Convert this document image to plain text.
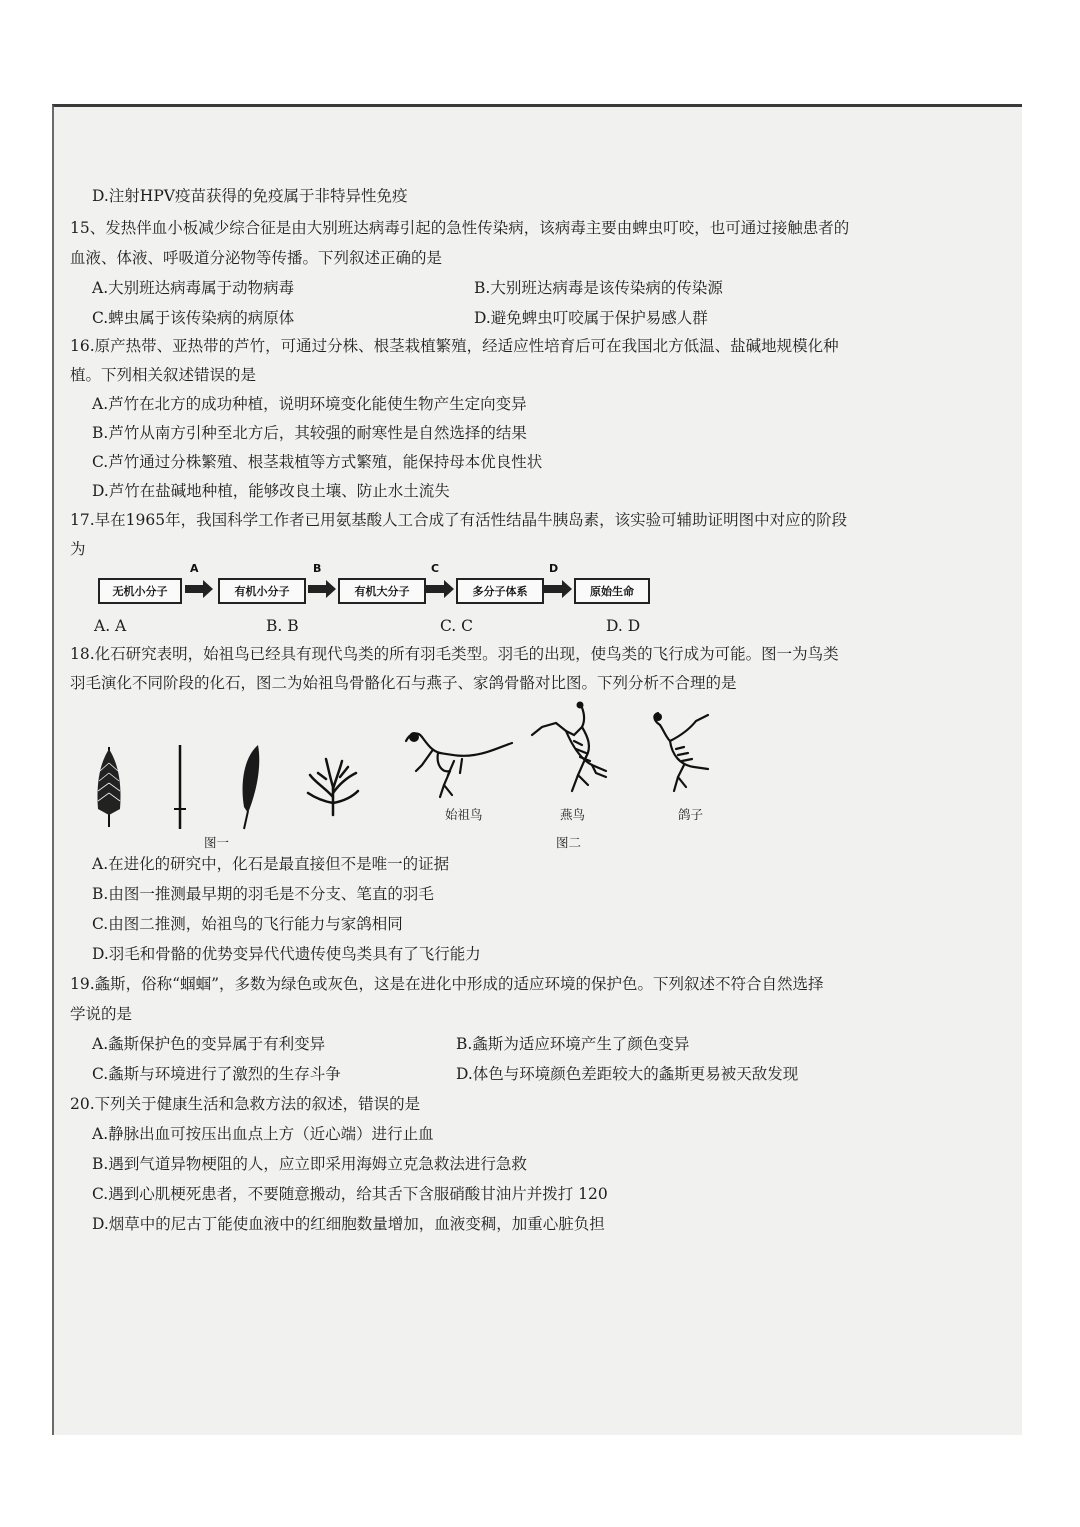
D.注射HPV疫苗获得的免疫属于非特异性免疫
15、发热伴血小板减少综合征是由大别班达病毒引起的急性传染病，该病毒主要由蜱虫叮咬，也可通过接触患者的
血液、体液、呼吸道分泌物等传播。下列叙述正确的是
A.大别班达病毒属于动物病毒	B.大别班达病毒是该传染病的传染源
C.蜱虫属于该传染病的病原体	D.避免蜱虫叮咬属于保护易感人群
16.原产热带、亚热带的芦竹，可通过分株、根茎栽植繁殖，经适应性培育后可在我国北方低温、盐碱地规模化种
植。下列相关叙述错误的是
A.芦竹在北方的成功种植，说明环境变化能使生物产生定向变异
B.芦竹从南方引种至北方后，其较强的耐寒性是自然选择的结果
C.芦竹通过分株繁殖、根茎栽植等方式繁殖，能保持母本优良性状
D.芦竹在盐碱地种植，能够改良土壤、防止水土流失
17.早在1965年，我国科学工作者已用氨基酸人工合成了有活性结晶牛胰岛素，该实验可辅助证明图中对应的阶段
为
无机小分子
A
有机小分子
B
有机大分子
C
多分子体系
D
原始生命
A. A	B. B	C. C	D. D
18.化石研究表明，始祖鸟已经具有现代鸟类的所有羽毛类型。羽毛的出现，使鸟类的飞行成为可能。图一为鸟类
羽毛演化不同阶段的化石，图二为始祖鸟骨骼化石与燕子、家鸽骨骼对比图。下列分析不合理的是
图一
始祖鸟	燕鸟	鸽子
图二
A.在进化的研究中，化石是最直接但不是唯一的证据
B.由图一推测最早期的羽毛是不分支、笔直的羽毛
C.由图二推测，始祖鸟的飞行能力与家鸽相同
D.羽毛和骨骼的优势变异代代遗传使鸟类具有了飞行能力
19.螽斯，俗称“蝈蝈”，多数为绿色或灰色，这是在进化中形成的适应环境的保护色。下列叙述不符合自然选择
学说的是
A.螽斯保护色的变异属于有利变异	B.螽斯为适应环境产生了颜色变异
C.螽斯与环境进行了激烈的生存斗争	D.体色与环境颜色差距较大的螽斯更易被天敌发现
20.下列关于健康生活和急救方法的叙述，错误的是
A.静脉出血可按压出血点上方（近心端）进行止血
B.遇到气道异物梗阻的人，应立即采用海姆立克急救法进行急救
C.遇到心肌梗死患者，不要随意搬动，给其舌下含服硝酸甘油片并拨打 120
D.烟草中的尼古丁能使血液中的红细胞数量增加，血液变稠，加重心脏负担
